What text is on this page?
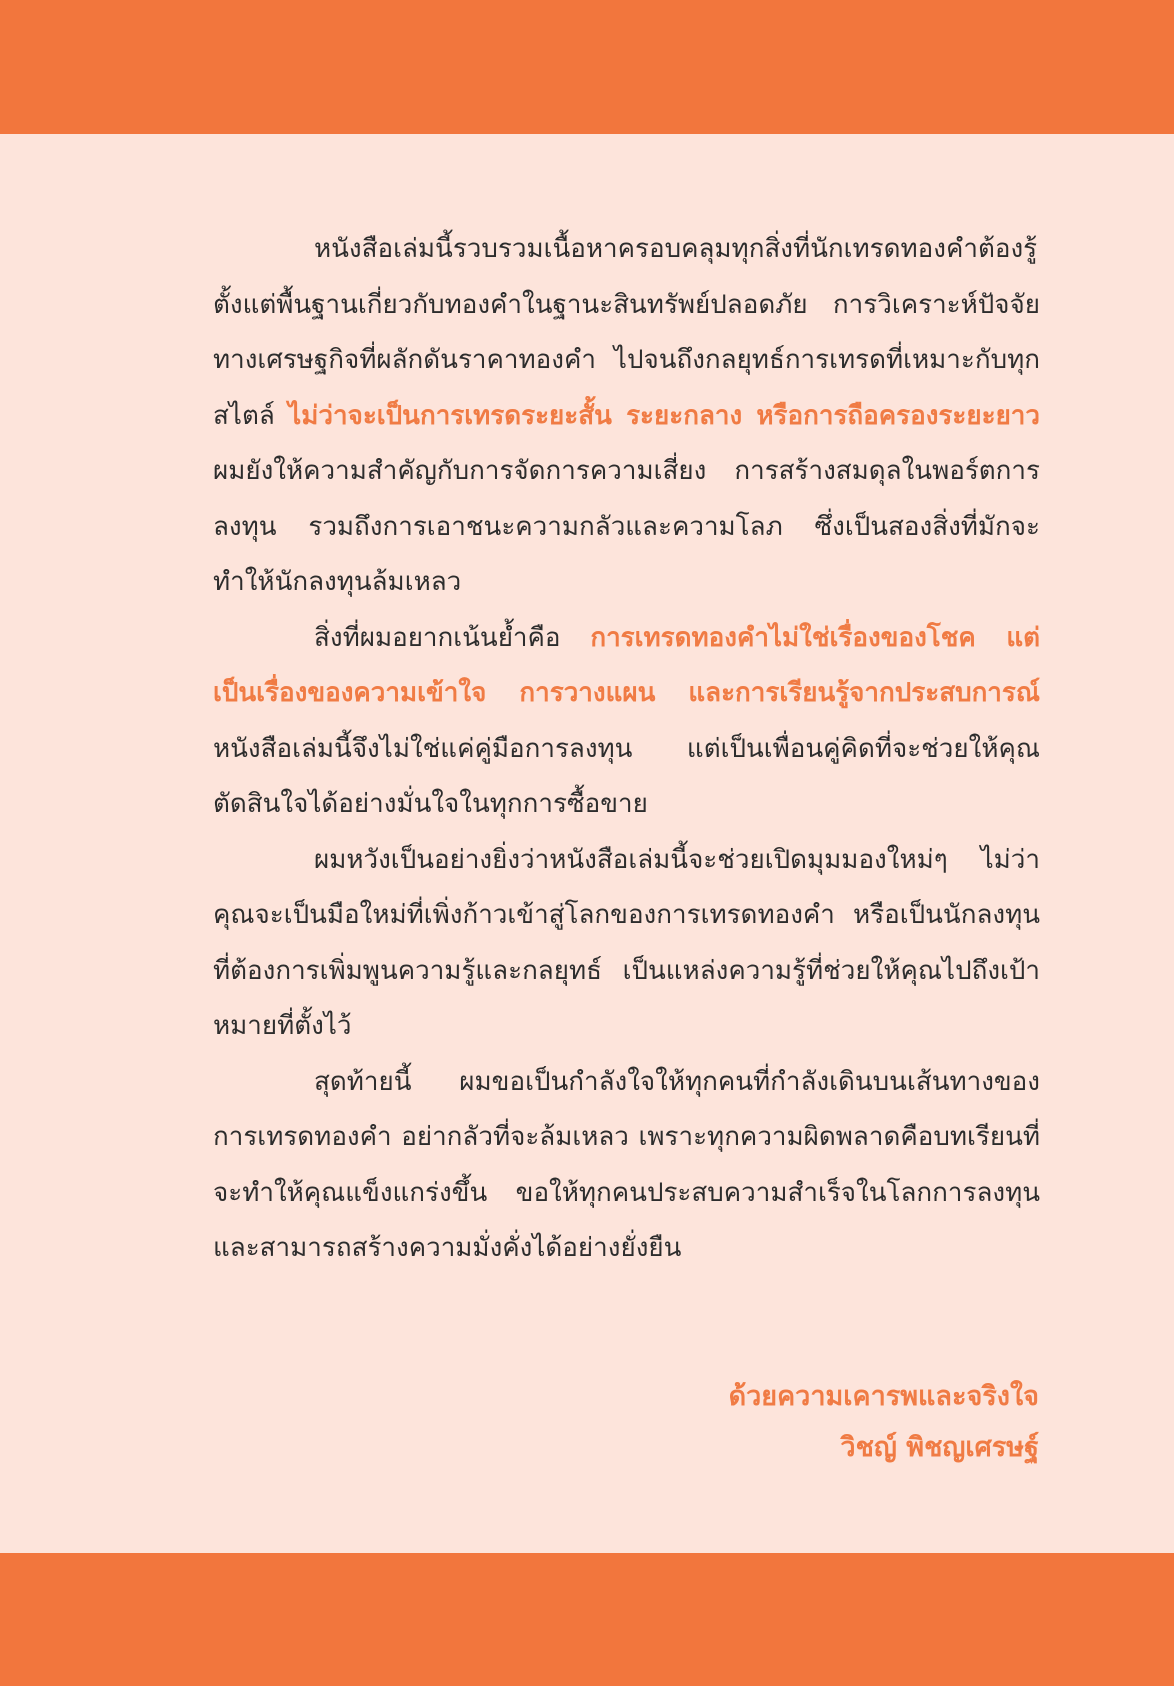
หนังสือเล่มนี้รวบรวมเนื้อหาครอบคลุมทุกสิ่งที่นักเทรดทองคำต้องรู้ ตั้งแต่พื้นฐานเกี่ยวกับทองคำในฐานะสินทรัพย์ปลอดภัย การวิเคราะห์ปัจจัยทางเศรษฐกิจที่ผลักดันราคาทองคำ ไปจนถึงกลยุทธ์การเทรดที่เหมาะกับทุกสไตล์ ไม่ว่าจะเป็นการเทรดระยะสั้น ระยะกลาง หรือการถือครองระยะยาว ผมยังให้ความสำคัญกับการจัดการความเสี่ยง การสร้างสมดุลในพอร์ตการลงทุน รวมถึงการเอาชนะความกลัวและความโลภ ซึ่งเป็นสองสิ่งที่มักจะทำให้นักลงทุนล้มเหลว

สิ่งที่ผมอยากเน้นย้ำคือ การเทรดทองคำไม่ใช่เรื่องของโชค แต่เป็นเรื่องของความเข้าใจ การวางแผน และการเรียนรู้จากประสบการณ์ หนังสือเล่มนี้จึงไม่ใช่แค่คู่มือการลงทุน แต่เป็นเพื่อนคู่คิดที่จะช่วยให้คุณตัดสินใจได้อย่างมั่นใจในทุกการซื้อขาย

ผมหวังเป็นอย่างยิ่งว่าหนังสือเล่มนี้จะช่วยเปิดมุมมองใหม่ๆ ไม่ว่าคุณจะเป็นมือใหม่ที่เพิ่งก้าวเข้าสู่โลกของการเทรดทองคำ หรือเป็นนักลงทุนที่ต้องการเพิ่มพูนความรู้และกลยุทธ์ เป็นแหล่งความรู้ที่ช่วยให้คุณไปถึงเป้าหมายที่ตั้งไว้

สุดท้ายนี้ ผมขอเป็นกำลังใจให้ทุกคนที่กำลังเดินบนเส้นทางของการเทรดทองคำ อย่ากลัวที่จะล้มเหลว เพราะทุกความผิดพลาดคือบทเรียนที่จะทำให้คุณแข็งแกร่งขึ้น ขอให้ทุกคนประสบความสำเร็จในโลกการลงทุนและสามารถสร้างความมั่งคั่งได้อย่างยั่งยืน

ด้วยความเคารพและจริงใจ
วิชญ์ พิชญเศรษฐ์
